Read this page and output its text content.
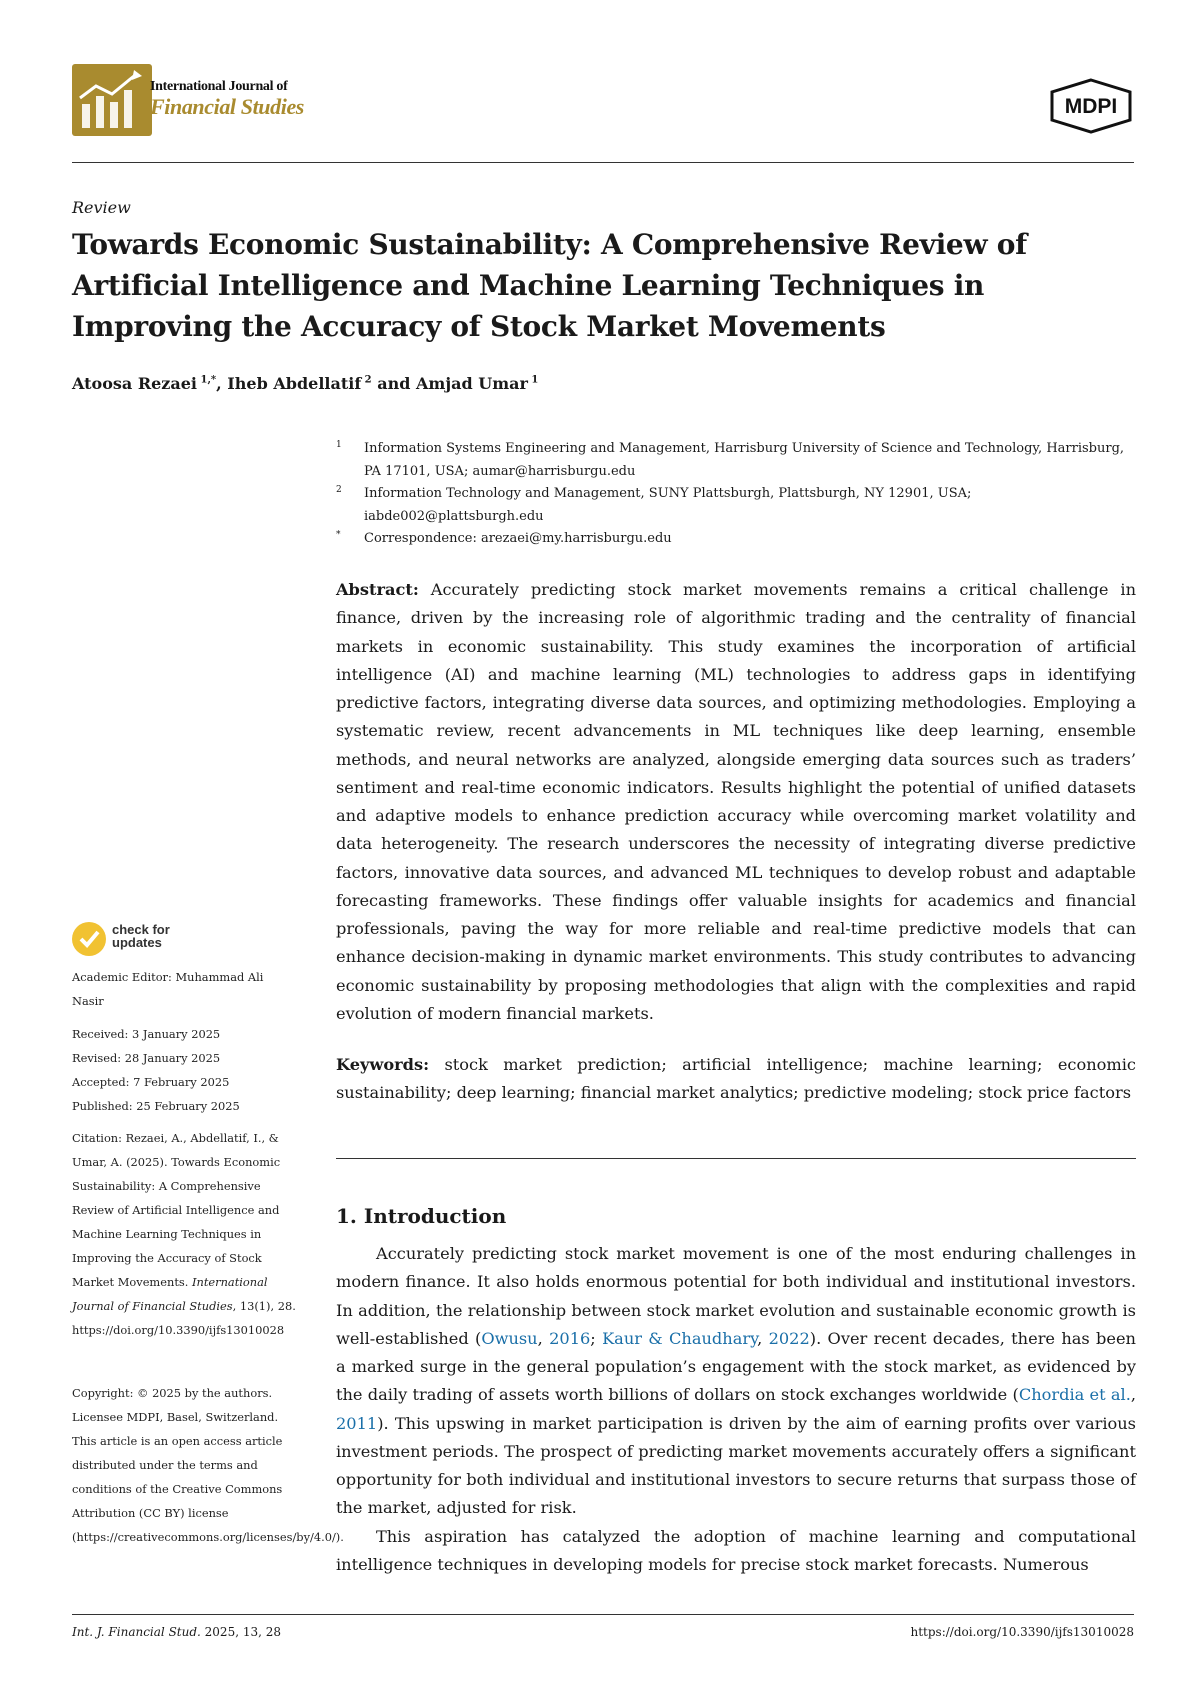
International Journal of
Financial Studies	MDPI
Review
Towards Economic Sustainability: A Comprehensive Review of Artificial Intelligence and Machine Learning Techniques in Improving the Accuracy of Stock Market Movements
Atoosa Rezaei $^{1,*}$, Iheb Abdellatif $^2$ and Amjad Umar $^1$
1 Information Systems Engineering and Management, Harrisburg University of Science and Technology, Harrisburg, PA 17101, USA; aumar@harrisburgu.edu
2 Information Technology and Management, SUNY Plattsburgh, Plattsburgh, NY 12901, USA; iabde002@plattsburgh.edu
* Correspondence: arezaei@my.harrisburgu.edu
Abstract: Accurately predicting stock market movements remains a critical challenge in finance, driven by the increasing role of algorithmic trading and the centrality of financial markets in economic sustainability. This study examines the incorporation of artificial intelligence (AI) and machine learning (ML) technologies to address gaps in identifying predictive factors, integrating diverse data sources, and optimizing methodologies. Employing a systematic review, recent advancements in ML techniques like deep learning, ensemble methods, and neural networks are analyzed, alongside emerging data sources such as traders’ sentiment and real-time economic indicators. Results highlight the potential of unified datasets and adaptive models to enhance prediction accuracy while overcoming market volatility and data heterogeneity. The research underscores the necessity of integrating diverse predictive factors, innovative data sources, and advanced ML techniques to develop robust and adaptable forecasting frameworks. These findings offer valuable insights for academics and financial professionals, paving the way for more reliable and real-time predictive models that can enhance decision-making in dynamic market environments. This study contributes to advancing economic sustainability by proposing methodologies that align with the complexities and rapid evolution of modern financial markets.
Keywords: stock market prediction; artificial intelligence; machine learning; economic sustainability; deep learning; financial market analytics; predictive modeling; stock price factors
1. Introduction

Accurately predicting stock market movement is one of the most enduring challenges in modern finance. It also holds enormous potential for both individual and institutional investors. In addition, the relationship between stock market evolution and sustainable economic growth is well-established (Owusu, 2016; Kaur & Chaudhary, 2022). Over recent decades, there has been a marked surge in the general population’s engagement with the stock market, as evidenced by the daily trading of assets worth billions of dollars on stock exchanges worldwide (Chordia et al., 2011). This upswing in market participation is driven by the aim of earning profits over various investment periods. The prospect of predicting market movements accurately offers a significant opportunity for both individual and institutional investors to secure returns that surpass those of the market, adjusted for risk.

This aspiration has catalyzed the adoption of machine learning and computational intelligence techniques in developing models for precise stock market forecasts. Numerous

check for
updates
Academic Editor: Muhammad Ali Nasir
Received: 3 January 2025
Revised: 28 January 2025
Accepted: 7 February 2025
Published: 25 February 2025
Citation: Rezaei, A., Abdellatif, I., & Umar, A. (2025). Towards Economic Sustainability: A Comprehensive Review of Artificial Intelligence and Machine Learning Techniques in Improving the Accuracy of Stock Market Movements. International Journal of Financial Studies, 13(1), 28. https://doi.org/10.3390/ijfs13010028
Copyright: © 2025 by the authors. Licensee MDPI, Basel, Switzerland. This article is an open access article distributed under the terms and conditions of the Creative Commons Attribution (CC BY) license (https://creativecommons.org/licenses/by/4.0/).
Int. J. Financial Stud. 2025, 13, 28	https://doi.org/10.3390/ijfs13010028
